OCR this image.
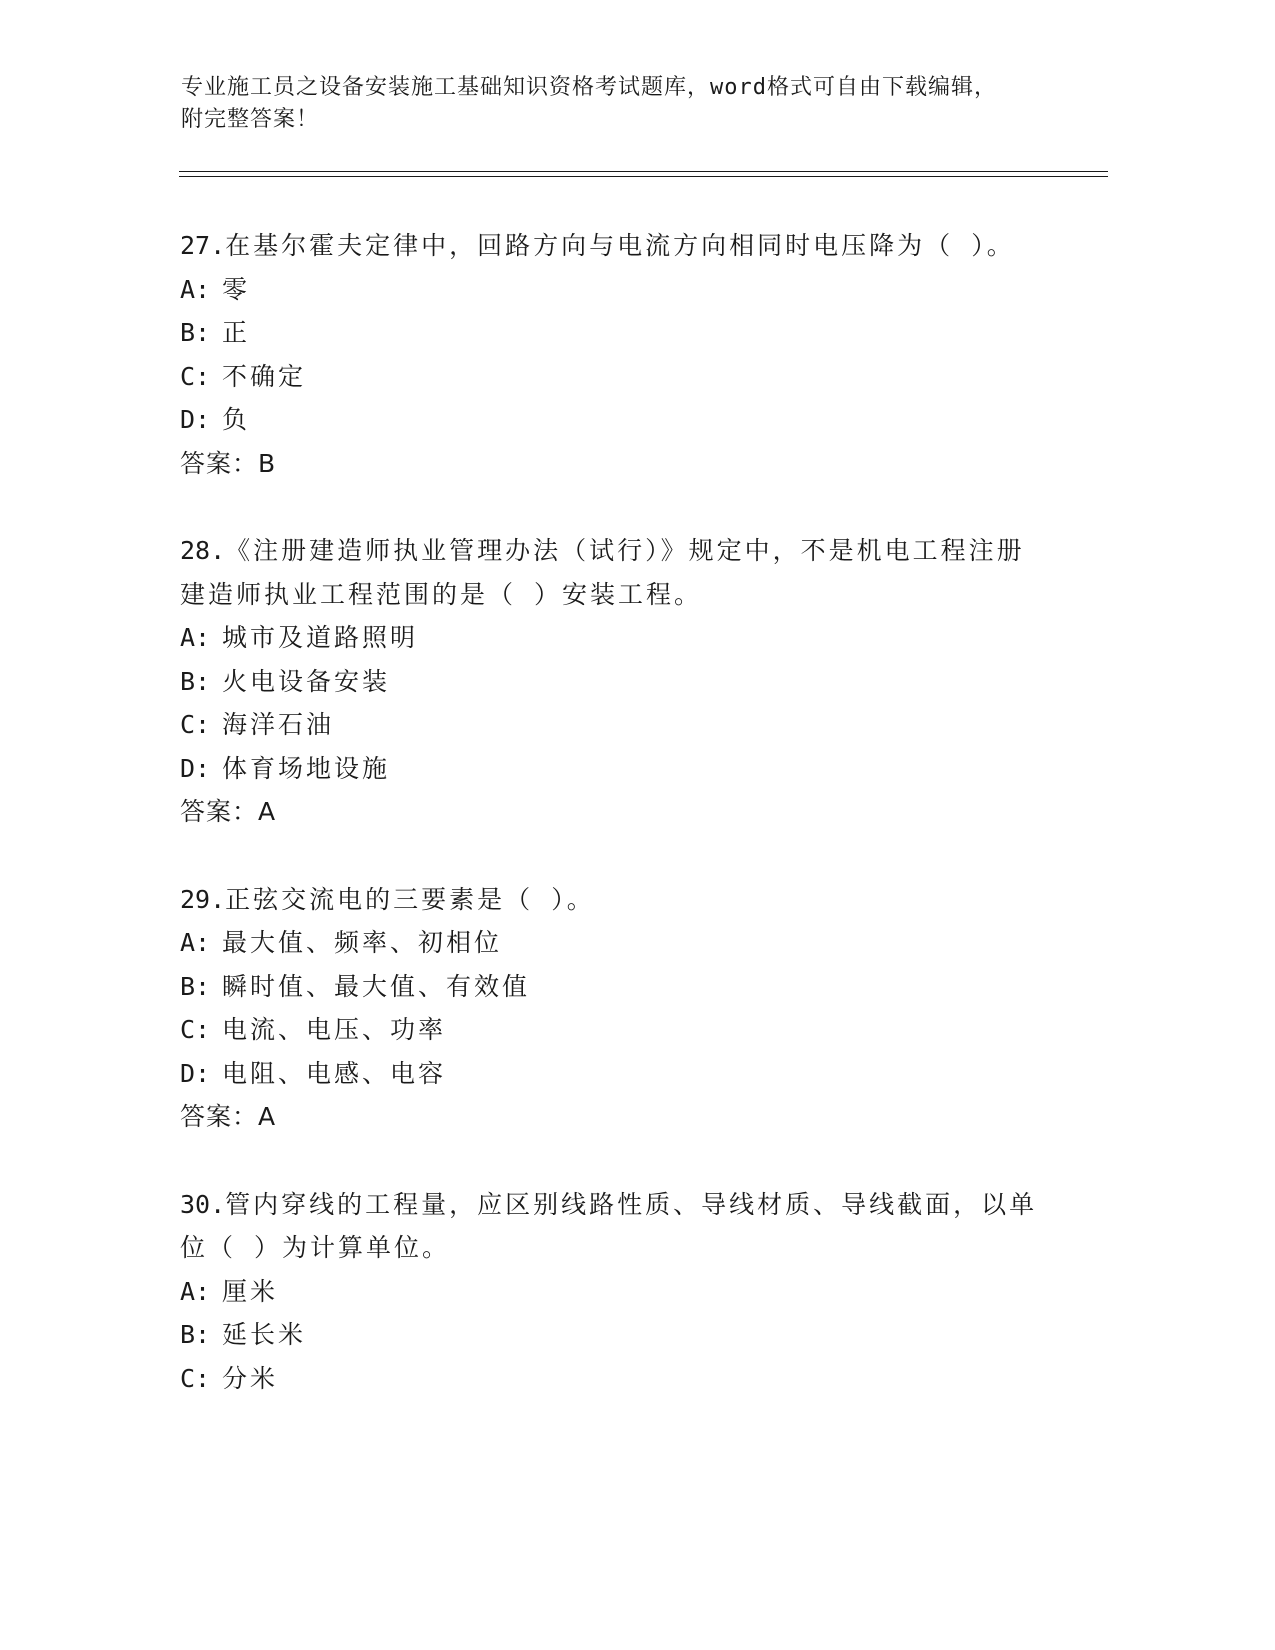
专业施工员之设备安装施工基础知识资格考试题库，word格式可自由下载编辑，
附完整答案！
27.在基尔霍夫定律中，回路方向与电流方向相同时电压降为（ ）。
A: 零
B: 正
C: 不确定
D: 负
答案：B
28.《注册建造师执业管理办法（试行）》规定中，不是机电工程注册
建造师执业工程范围的是（ ）安装工程。
A: 城市及道路照明
B: 火电设备安装
C: 海洋石油
D: 体育场地设施
答案：A
29.正弦交流电的三要素是（ ）。
A: 最大值、频率、初相位
B: 瞬时值、最大值、有效值
C: 电流、电压、功率
D: 电阻、电感、电容
答案：A
30.管内穿线的工程量，应区别线路性质、导线材质、导线截面，以单
位（ ）为计算单位。
A: 厘米
B: 延长米
C: 分米
